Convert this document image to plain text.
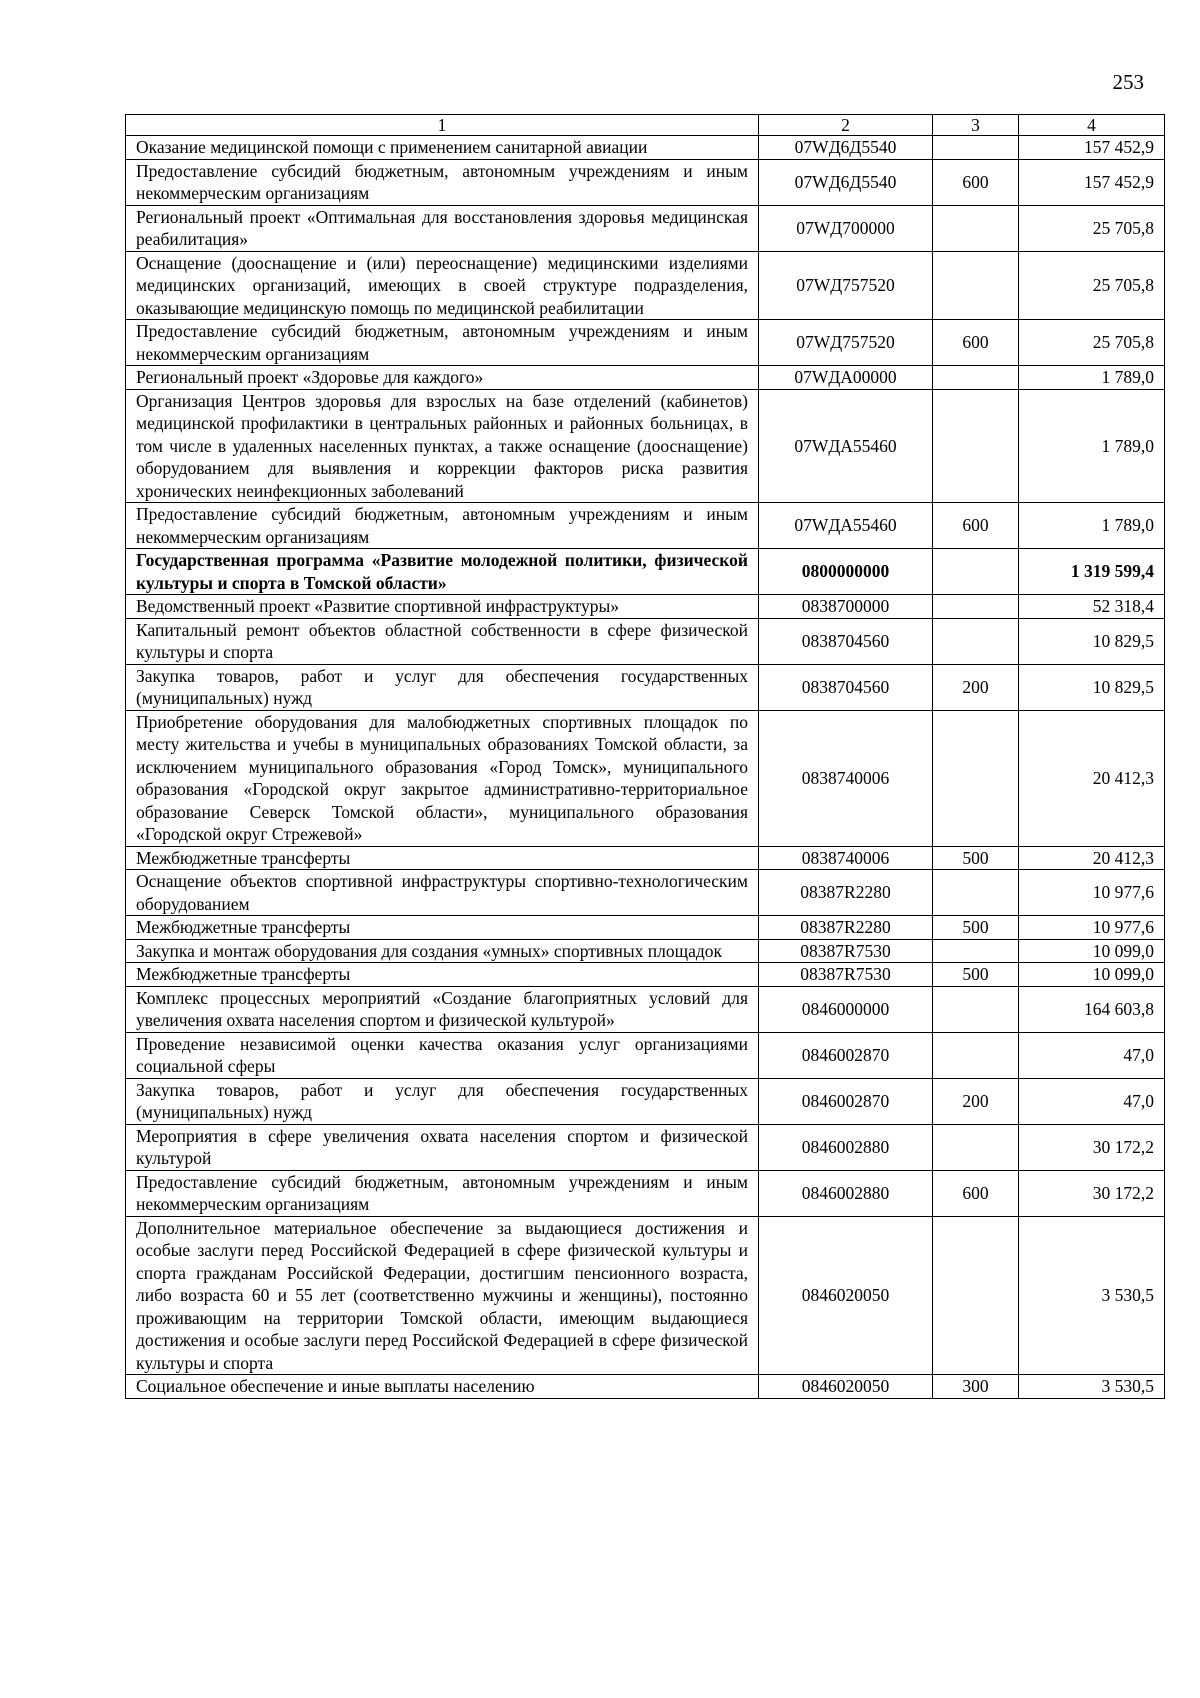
253
1	2	3	4
Оказание медицинской помощи с применением санитарной авиации	07WД6Д5540		157 452,9
Предоставление субсидий бюджетным, автономным учреждениям и иным некоммерческим организациям	07WД6Д5540	600	157 452,9
Региональный проект «Оптимальная для восстановления здоровья медицинская реабилитация»	07WД700000		25 705,8
Оснащение (дооснащение и (или) переоснащение) медицинскими изделиями медицинских организаций, имеющих в своей структуре подразделения, оказывающие медицинскую помощь по медицинской реабилитации	07WД757520		25 705,8
Предоставление субсидий бюджетным, автономным учреждениям и иным некоммерческим организациям	07WД757520	600	25 705,8
Региональный проект «Здоровье для каждого»	07WДА00000		1 789,0
Организация Центров здоровья для взрослых на базе отделений (кабинетов) медицинской профилактики в центральных районных и районных больницах, в том числе в удаленных населенных пунктах, а также оснащение (дооснащение) оборудованием для выявления и коррекции факторов риска развития хронических неинфекционных заболеваний	07WДА55460		1 789,0
Предоставление субсидий бюджетным, автономным учреждениям и иным некоммерческим организациям	07WДА55460	600	1 789,0
Государственная программа «Развитие молодежной политики, физической культуры и спорта в Томской области»	0800000000		1 319 599,4
Ведомственный проект «Развитие спортивной инфраструктуры»	0838700000		52 318,4
Капитальный ремонт объектов областной собственности в сфере физической культуры и спорта	0838704560		10 829,5
Закупка товаров, работ и услуг для обеспечения государственных (муниципальных) нужд	0838704560	200	10 829,5
Приобретение оборудования для малобюджетных спортивных площадок по месту жительства и учебы в муниципальных образованиях Томской области, за исключением муниципального образования «Город Томск», муниципального образования «Городской округ закрытое административно-территориальное образование Северск Томской области», муниципального образования «Городской округ Стрежевой»	0838740006		20 412,3
Межбюджетные трансферты	0838740006	500	20 412,3
Оснащение объектов спортивной инфраструктуры спортивно-технологическим оборудованием	08387R2280		10 977,6
Межбюджетные трансферты	08387R2280	500	10 977,6
Закупка и монтаж оборудования для создания «умных» спортивных площадок	08387R7530		10 099,0
Межбюджетные трансферты	08387R7530	500	10 099,0
Комплекс процессных мероприятий «Создание благоприятных условий для увеличения охвата населения спортом и физической культурой»	0846000000		164 603,8
Проведение независимой оценки качества оказания услуг организациями социальной сферы	0846002870		47,0
Закупка товаров, работ и услуг для обеспечения государственных (муниципальных) нужд	0846002870	200	47,0
Мероприятия в сфере увеличения охвата населения спортом и физической культурой	0846002880		30 172,2
Предоставление субсидий бюджетным, автономным учреждениям и иным некоммерческим организациям	0846002880	600	30 172,2
Дополнительное материальное обеспечение за выдающиеся достижения и особые заслуги перед Российской Федерацией в сфере физической культуры и спорта гражданам Российской Федерации, достигшим пенсионного возраста, либо возраста 60 и 55 лет (соответственно мужчины и женщины), постоянно проживающим на территории Томской области, имеющим выдающиеся достижения и особые заслуги перед Российской Федерацией в сфере физической культуры и спорта	0846020050		3 530,5
Социальное обеспечение и иные выплаты населению	0846020050	300	3 530,5
